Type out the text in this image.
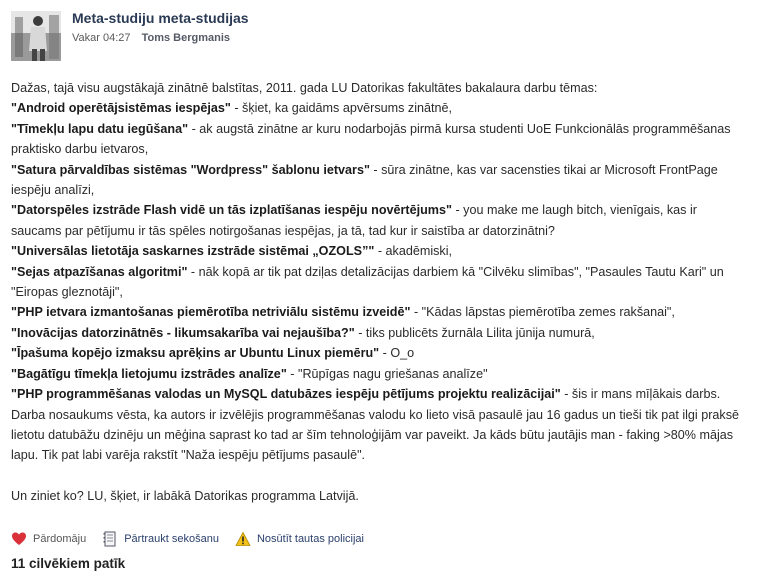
Meta-studiju meta-studijas
Vakar 04:27 Toms Bergmanis

Dažas, tajā visu augstākajā zinātnē balstītas, 2011. gada LU Datorikas fakultātes bakalaura darbu tēmas:

"Android operētājsistēmas iespējas" - šķiet, ka gaidāms apvērsums zinātnē,

"Tīmekļu lapu datu iegūšana" - ak augstā zinātne ar kuru nodarbojās pirmā kursa studenti UoE Funkcionālās programmēšanas praktisko darbu ietvaros,

"Satura pārvaldības sistēmas "Wordpress" šablonu ietvars" - sūra zinātne, kas var sacensties tikai ar Microsoft FrontPage iespēju analīzi,

"Datorspēles izstrāde Flash vidē un tās izplatīšanas iespēju novērtējums" - you make me laugh bitch, vienīgais, kas ir saucams par pētījumu ir tās spēles notirgošanas iespējas, ja tā, tad kur ir saistība ar datorzinātni?

"Universālas lietotāja saskarnes izstrāde sistēmai „OZOLS”" - akadēmiski,

"Sejas atpazīšanas algoritmi" - nāk kopā ar tik pat dziļas detalizācijas darbiem kā "Cilvēku slimības", "Pasaules Tautu Kari" un "Eiropas gleznotāji",

"PHP ietvara izmantošanas piemērotība netriviālu sistēmu izveidē" - "Kādas lāpstas piemērotība zemes rakšanai",

"Inovācijas datorzinātnēs - likumsakarība vai nejaušība?" - tiks publicēts žurnāla Lilita jūnija numurā,

"Īpašuma kopējo izmaksu aprēķins ar Ubuntu Linux piemēru" - O_o

"Bagātīgu tīmekļa lietojumu izstrādes analīze" - "Rūpīgas nagu griešanas analīze"

"PHP programmēšanas valodas un MySQL datubāzes iespēju pētījums projektu realizācijai" - šis ir mans mīļākais darbs. Darba nosaukums vēsta, ka autors ir izvēlējis programmēšanas valodu ko lieto visā pasaulē jau 16 gadus un tieši tik pat ilgi praksē lietotu datubāžu dzinēju un mēģina saprast ko tad ar šīm tehnoloģijām var paveikt. Ja kāds būtu jautājis man - faking >80% mājas lapu. Tik pat labi varēja rakstīt "Naža iespēju pētījums pasaulē".

Un ziniet ko? LU, šķiet, ir labākā Datorikas programma Latvijā.

Pārdomāju	Pārtraukt sekošanu	Nosūtīt tautas policijai
11 cilvēkiem patīk
